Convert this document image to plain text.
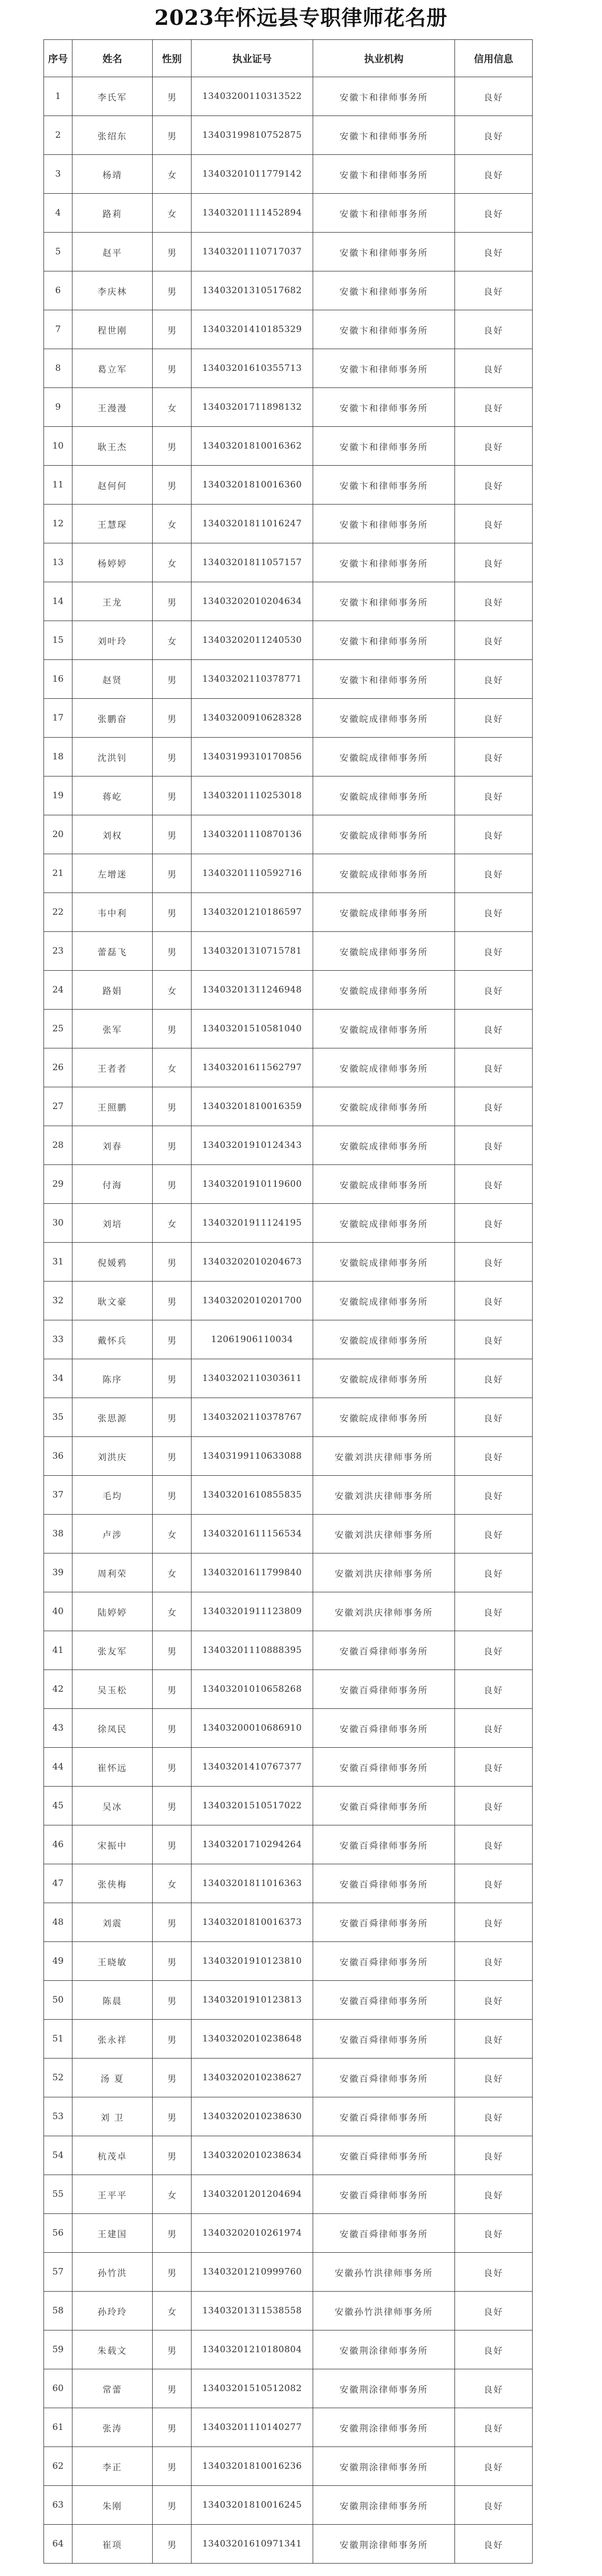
2023年怀远县专职律师花名册
序号	姓名	性别	执业证号	执业机构	信用信息
1	李氏军	男	13403200110313522	安徽卞和律师事务所	良好
2	张绍东	男	13403199810752875	安徽卞和律师事务所	良好
3	杨靖	女	13403201011779142	安徽卞和律师事务所	良好
4	路莉	女	13403201111452894	安徽卞和律师事务所	良好
5	赵平	男	13403201110717037	安徽卞和律师事务所	良好
6	李庆林	男	13403201310517682	安徽卞和律师事务所	良好
7	程世刚	男	13403201410185329	安徽卞和律师事务所	良好
8	葛立军	男	13403201610355713	安徽卞和律师事务所	良好
9	王漫漫	女	13403201711898132	安徽卞和律师事务所	良好
10	耿王杰	男	13403201810016362	安徽卞和律师事务所	良好
11	赵何何	男	13403201810016360	安徽卞和律师事务所	良好
12	王慧琛	女	13403201811016247	安徽卞和律师事务所	良好
13	杨婷婷	女	13403201811057157	安徽卞和律师事务所	良好
14	王龙	男	13403202010204634	安徽卞和律师事务所	良好
15	刘叶玲	女	13403202011240530	安徽卞和律师事务所	良好
16	赵贤	男	13403202110378771	安徽卞和律师事务所	良好
17	张鹏奋	男	13403200910628328	安徽皖成律师事务所	良好
18	沈洪钊	男	13403199310170856	安徽皖成律师事务所	良好
19	蒋屹	男	13403201110253018	安徽皖成律师事务所	良好
20	刘权	男	13403201110870136	安徽皖成律师事务所	良好
21	左增迷	男	13403201110592716	安徽皖成律师事务所	良好
22	韦中利	男	13403201210186597	安徽皖成律师事务所	良好
23	蕾磊飞	男	13403201310715781	安徽皖成律师事务所	良好
24	路娟	女	13403201311246948	安徽皖成律师事务所	良好
25	张军	男	13403201510581040	安徽皖成律师事务所	良好
26	王者者	女	13403201611562797	安徽皖成律师事务所	良好
27	王照鹏	男	13403201810016359	安徽皖成律师事务所	良好
28	刘春	男	13403201910124343	安徽皖成律师事务所	良好
29	付海	男	13403201910119600	安徽皖成律师事务所	良好
30	刘培	女	13403201911124195	安徽皖成律师事务所	良好
31	倪媛鸦	男	13403202010204673	安徽皖成律师事务所	良好
32	耿文豪	男	13403202010201700	安徽皖成律师事务所	良好
33	戴怀兵	男	12061906110034	安徽皖成律师事务所	良好
34	陈序	男	13403202110303611	安徽皖成律师事务所	良好
35	张思源	男	13403202110378767	安徽皖成律师事务所	良好
36	刘洪庆	男	13403199110633088	安徽刘洪庆律师事务所	良好
37	毛均	男	13403201610855835	安徽刘洪庆律师事务所	良好
38	卢涉	女	13403201611156534	安徽刘洪庆律师事务所	良好
39	周利荣	女	13403201611799840	安徽刘洪庆律师事务所	良好
40	陆婷婷	女	13403201911123809	安徽刘洪庆律师事务所	良好
41	张友军	男	13403201110888395	安徽百舜律师事务所	良好
42	吴玉松	男	13403201010658268	安徽百舜律师事务所	良好
43	徐凤民	男	13403200010686910	安徽百舜律师事务所	良好
44	崔怀远	男	13403201410767377	安徽百舜律师事务所	良好
45	吴冰	男	13403201510517022	安徽百舜律师事务所	良好
46	宋振中	男	13403201710294264	安徽百舜律师事务所	良好
47	张侠梅	女	13403201811016363	安徽百舜律师事务所	良好
48	刘震	男	13403201810016373	安徽百舜律师事务所	良好
49	王晓敏	男	13403201910123810	安徽百舜律师事务所	良好
50	陈晨	男	13403201910123813	安徽百舜律师事务所	良好
51	张永祥	男	13403202010238648	安徽百舜律师事务所	良好
52	汤 夏	男	13403202010238627	安徽百舜律师事务所	良好
53	刘 卫	男	13403202010238630	安徽百舜律师事务所	良好
54	杭茂卓	男	13403202010238634	安徽百舜律师事务所	良好
55	王平平	女	13403201201204694	安徽百舜律师事务所	良好
56	王建国	男	13403202010261974	安徽百舜律师事务所	良好
57	孙竹洪	男	13403201210999760	安徽孙竹洪律师事务所	良好
58	孙玲玲	女	13403201311538558	安徽孙竹洪律师事务所	良好
59	朱载文	男	13403201210180804	安徽荆涂律师事务所	良好
60	常蕾	男	13403201510512082	安徽荆涂律师事务所	良好
61	张涛	男	13403201110140277	安徽荆涂律师事务所	良好
62	李正	男	13403201810016236	安徽荆涂律师事务所	良好
63	朱刚	男	13403201810016245	安徽荆涂律师事务所	良好
64	崔项	男	13403201610971341	安徽荆涂律师事务所	良好
